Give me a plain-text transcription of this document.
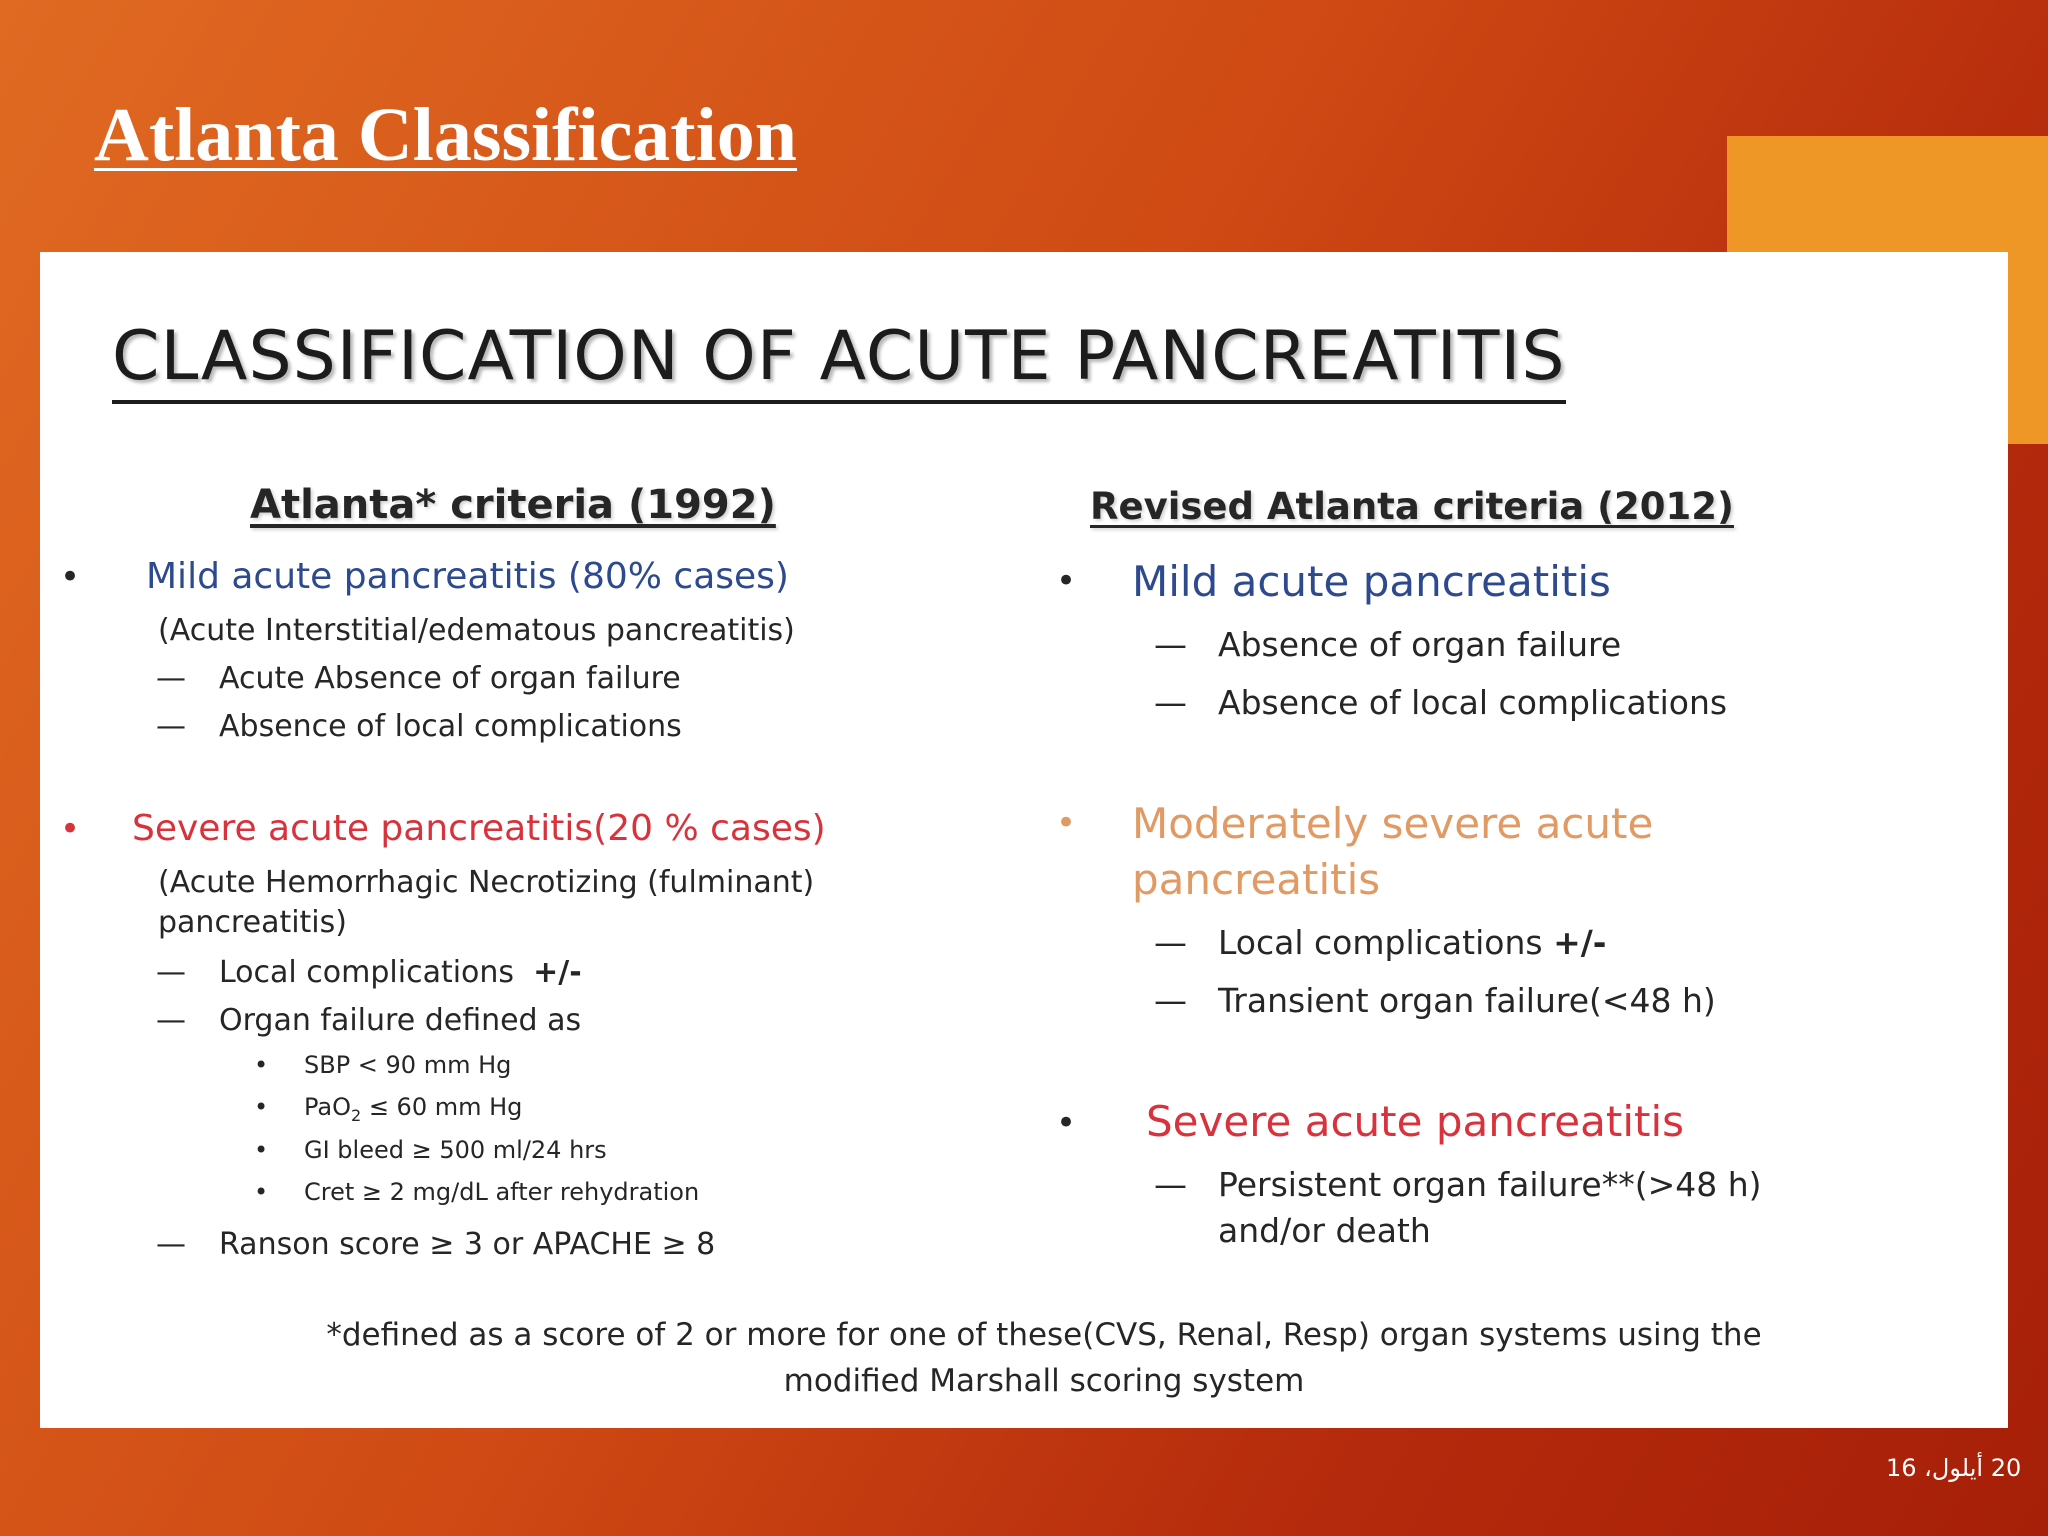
Atlanta Classification
CLASSIFICATION OF ACUTE PANCREATITIS
Atlanta* criteria (1992)
• Mild acute pancreatitis (80% cases)
(Acute Interstitial/edematous pancreatitis)
— Acute Absence of organ failure
— Absence of local complications
• Severe acute pancreatitis(20 % cases)
(Acute Hemorrhagic Necrotizing (fulminant)
pancreatitis)
— Local complications +/-
— Organ failure defined as
• SBP < 90 mm Hg
• PaO$_2$ ≤ 60 mm Hg
• GI bleed ≥ 500 ml/24 hrs
• Cret ≥ 2 mg/dL after rehydration
— Ranson score ≥ 3 or APACHE ≥ 8
Revised Atlanta criteria (2012)
• Mild acute pancreatitis
— Absence of organ failure
— Absence of local complications
• Moderately severe acute
pancreatitis
— Local complications +/-
— Transient organ failure(<48 h)
• Severe acute pancreatitis
— Persistent organ failure**(>48 h)
and/or death
*defined as a score of 2 or more for one of these(CVS, Renal, Resp) organ systems using the
modified Marshall scoring system
20 أيلول، 16
